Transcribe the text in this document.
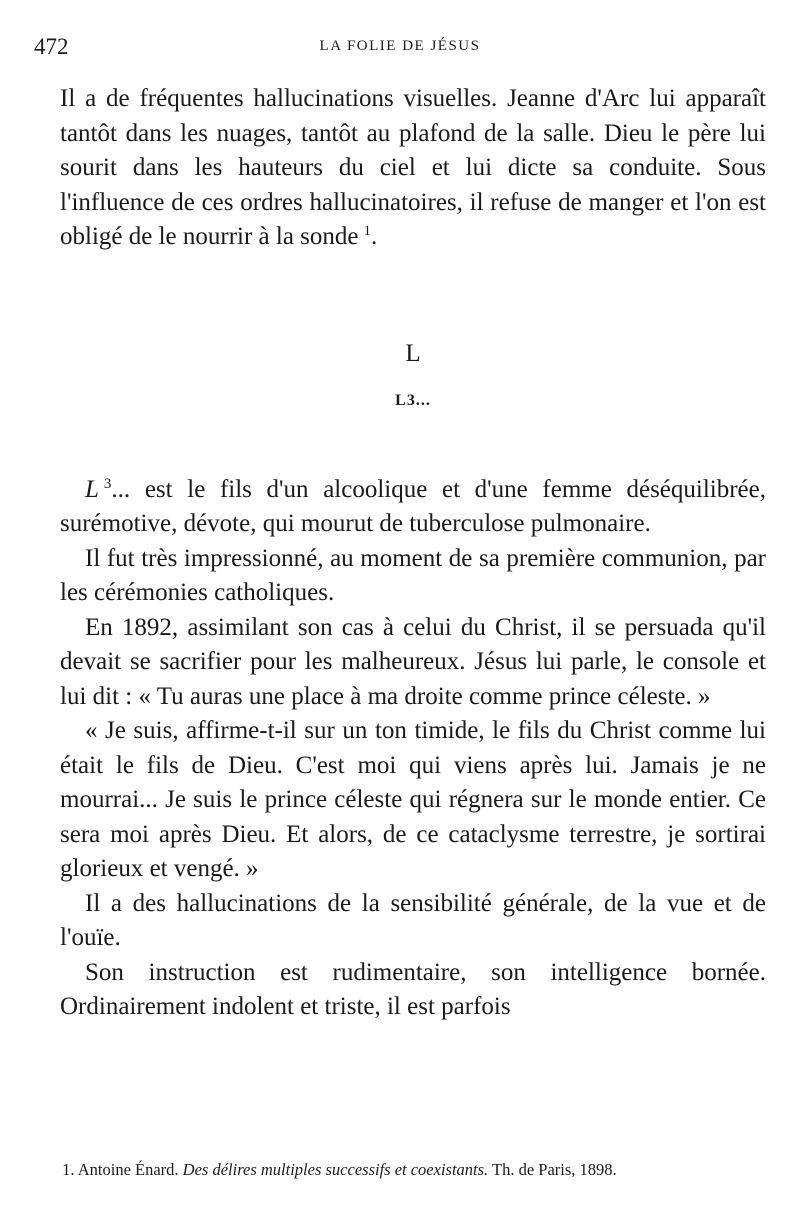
472	LA FOLIE DE JÉSUS

Il a de fréquentes hallucinations visuelles. Jeanne d'Arc lui apparaît tantôt dans les nuages, tantôt au plafond de la salle. Dieu le père lui sourit dans les hauteurs du ciel et lui dicte sa conduite. Sous l'influence de ces ordres hallucinatoires, il refuse de manger et l'on est obligé de le nourrir à la sonde  $^1$.

L

L3...

L  $^3$... est le fils d'un alcoolique et d'une femme déséquilibrée, surémotive, dévote, qui mourut de tuberculose pulmonaire.

Il fut très impressionné, au moment de sa première communion, par les cérémonies catholiques.

En 1892, assimilant son cas à celui du Christ, il se persuada qu'il devait se sacrifier pour les malheureux. Jésus lui parle, le console et lui dit : « Tu auras une place à ma droite comme prince céleste. »

« Je suis, affirme-t-il sur un ton timide, le fils du Christ comme lui était le fils de Dieu. C'est moi qui viens après lui. Jamais je ne mourrai... Je suis le prince céleste qui régnera sur le monde entier. Ce sera moi après Dieu. Et alors, de ce cataclysme terrestre, je sortirai glorieux et vengé. »

Il a des hallucinations de la sensibilité générale, de la vue et de l'ouïe.

Son instruction est rudimentaire, son intelligence bornée. Ordinairement indolent et triste, il est parfois

1. Antoine Énard. Des délires multiples successifs et coexistants. Th. de Paris, 1898.
